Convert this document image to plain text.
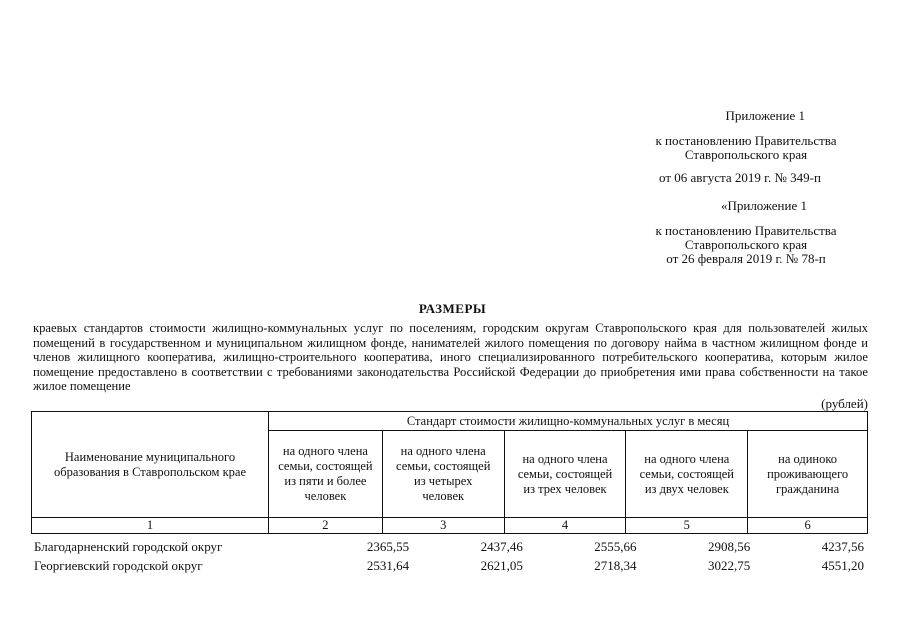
Приложение 1
к постановлению Правительства
Ставропольского края
от 06 августа 2019 г. № 349-п
«Приложение 1
к постановлению Правительства
Ставропольского края
от 26 февраля 2019 г. № 78-п
РАЗМЕРЫ
краевых стандартов стоимости жилищно-коммунальных услуг по поселениям, городским округам Ставропольского края для пользователей жилых помещений в государственном и муниципальном жилищном фонде, нанимателей жилого помещения по договору найма в частном жилищном фонде и членов жилищного кооператива, жилищно-строительного кооператива, иного специализированного потребительского кооператива, которым жилое помещение предоставлено в соответствии с требованиями законодательства Российской Федерации до приобретения ими права собственности на такое жилое помещение
(рублей)
Наименование муниципального образования в Ставропольском крае	Стандарт стоимости жилищно-коммунальных услуг в месяц				
	на одного члена семьи, состоящей из пяти и более человек	на одного члена семьи, состоящей из четырех человек	на одного члена семьи, состоящей из трех человек	на одного члена семьи, состоящей из двух человек	на одиноко проживающего гражданина
1	2	3	4	5	6
Благодарненский городской округ	2365,55	2437,46	2555,66	2908,56	4237,56
Георгиевский городской округ	2531,64	2621,05	2718,34	3022,75	4551,20
